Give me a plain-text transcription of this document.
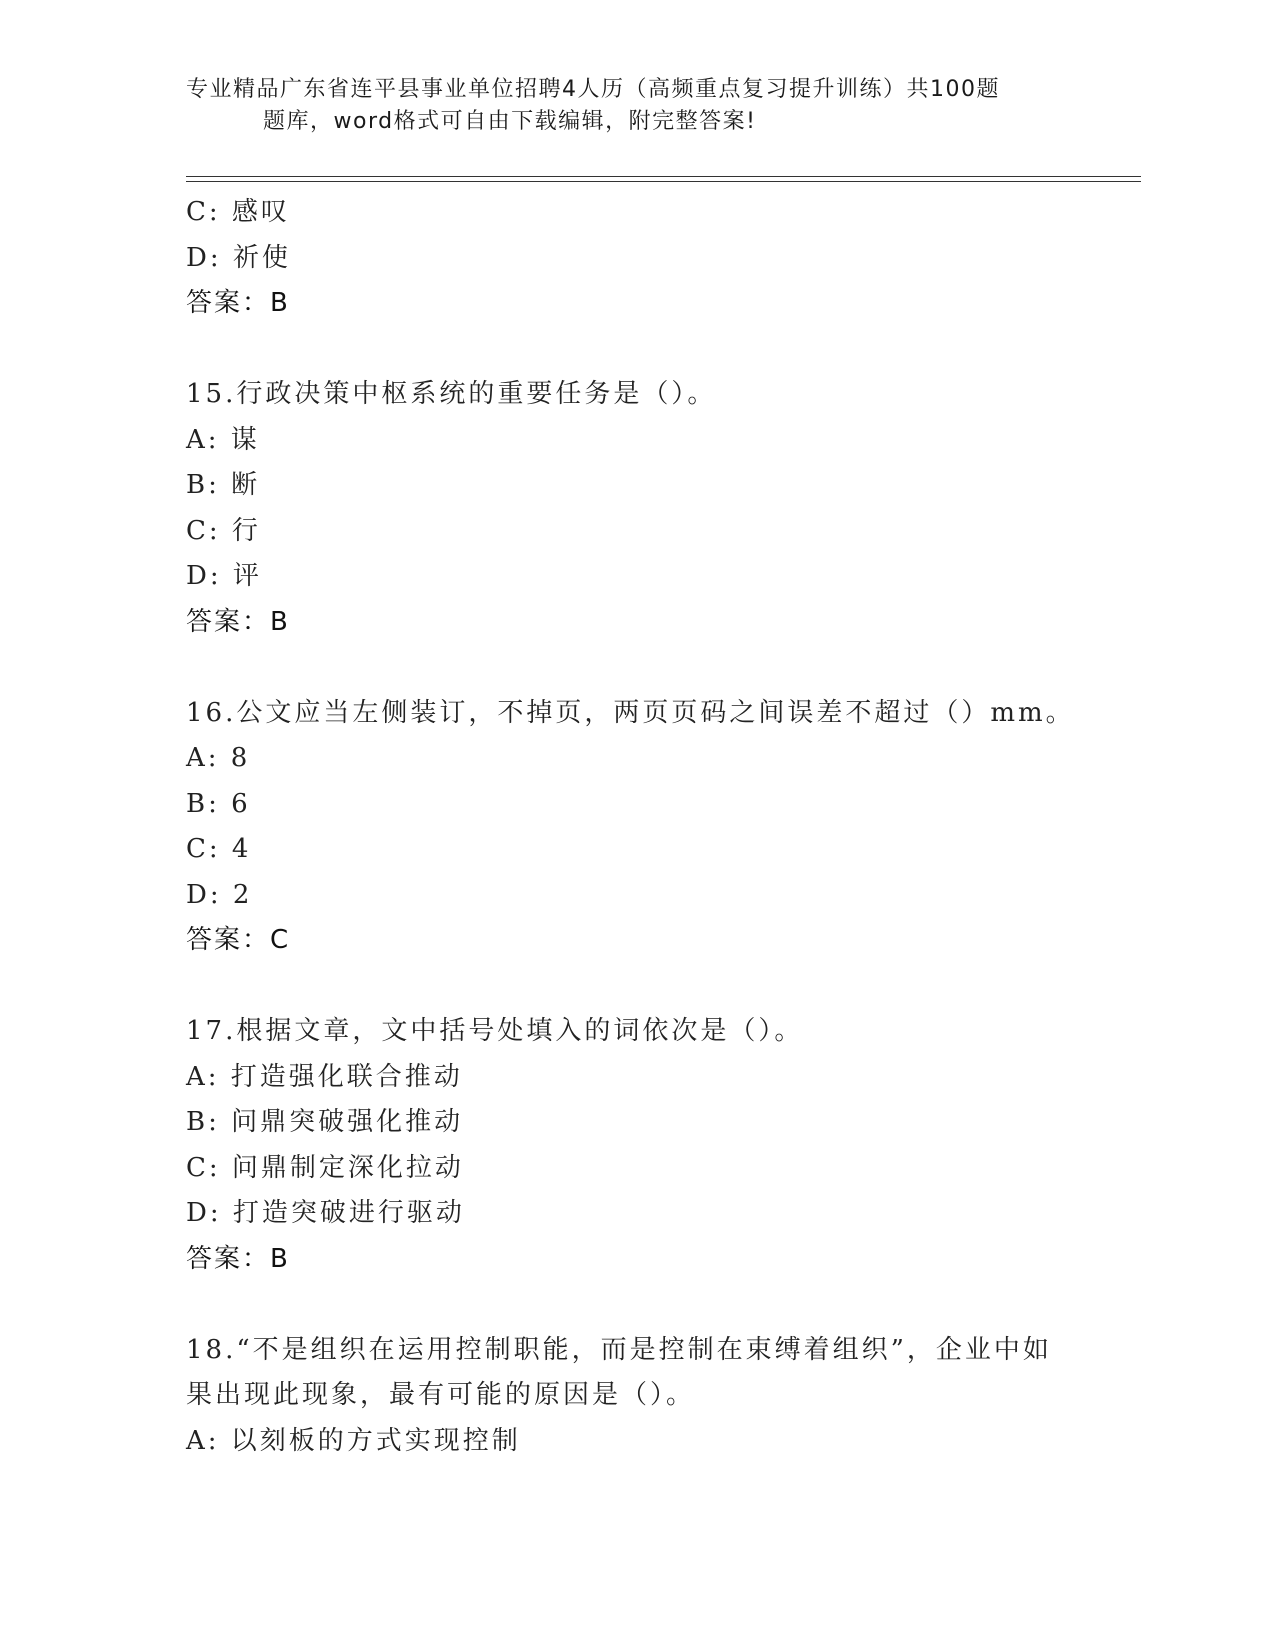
专业精品广东省连平县事业单位招聘4人历（高频重点复习提升训练）共100题
题库，word格式可自由下载编辑，附完整答案!
C: 感叹
D: 祈使
答案：B
15.行政决策中枢系统的重要任务是（）。
A: 谋
B: 断
C: 行
D: 评
答案：B
16.公文应当左侧装订，不掉页，两页页码之间误差不超过（）mm。
A: 8
B: 6
C: 4
D: 2
答案：C
17.根据文章，文中括号处填入的词依次是（）。
A: 打造强化联合推动
B: 问鼎突破强化推动
C: 问鼎制定深化拉动
D: 打造突破进行驱动
答案：B
18.“不是组织在运用控制职能，而是控制在束缚着组织”，企业中如
果出现此现象，最有可能的原因是（）。
A: 以刻板的方式实现控制
